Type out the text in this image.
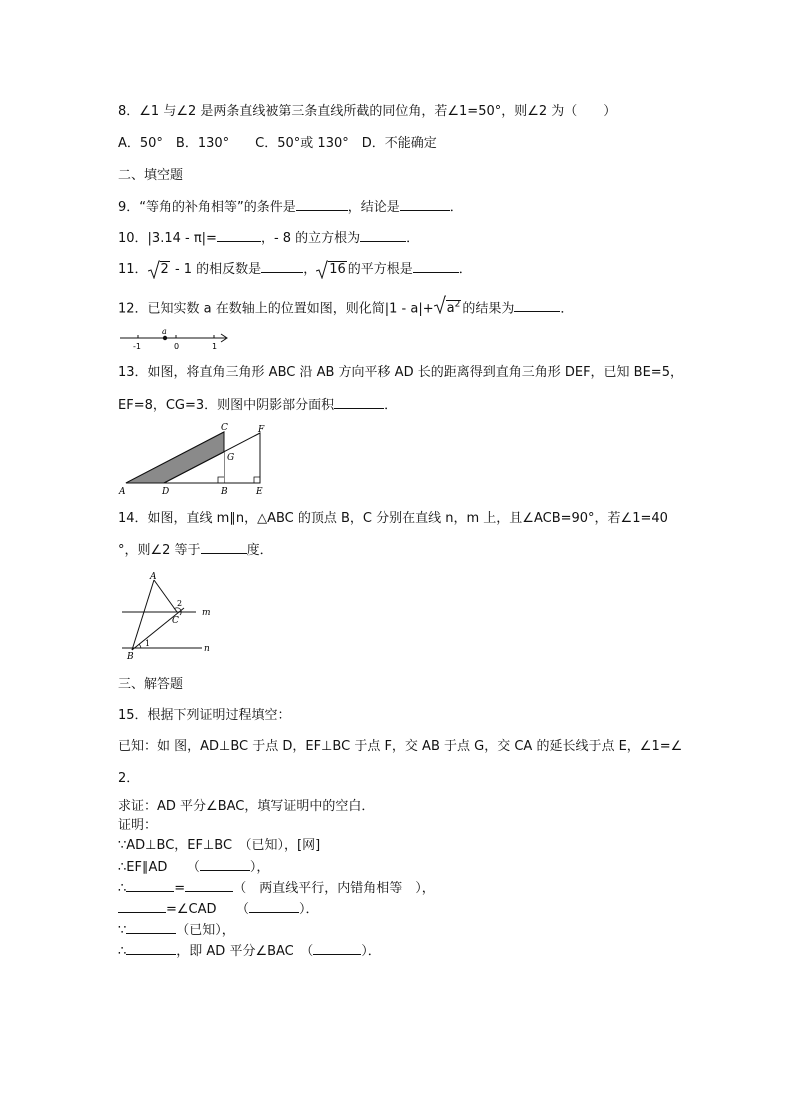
8．∠1 与∠2 是两条直线被第三条直线所截的同位角，若∠1=50°，则∠2 为（　　）
A．50°　B．130°　　C．50°或 130°　D．不能确定
二、填空题
9．“等角的补角相等”的条件是	，结论是	．
10．|3.14 - π|=	，- 8 的立方根为	．
11． 2 - 1 的相反数是	， 16 的平方根是	．
12．已知实数 a 在数轴上的位置如图，则化简$|1 - a|+ a^2$ 的结果为	．
a
-1	0	1
13．如图，将直角三角形 ABC 沿 AB 方向平移 AD 长的距离得到直角三角形 DEF，已知 BE=5，
EF=8，CG=3．则图中阴影部分面积	．
A	D	B	E
C	F
G
14．如图，直线 m∥n，△ABC 的顶点 B，C 分别在直线 n，m 上，且∠ACB=90°，若∠1=40
°，则∠2 等于	度．
A
B
C
m
n
1
2
三、解答题
15．根据下列证明过程填空：
已知：如 图，AD⊥BC 于点 D，EF⊥BC 于点 F，交 AB 于点 G，交 CA 的延长线于点 E，∠1=∠
2．
求证：AD 平分∠BAC，填写证明中的空白．
证明：
∵AD⊥BC，EF⊥BC　（已知），[网]
∴EF∥AD　　（	），
∴	=	（　两直线平行，内错角相等　），
=∠CAD　　（	）．
∵	（已知），
∴	，即 AD 平分∠BAC　（	）．
